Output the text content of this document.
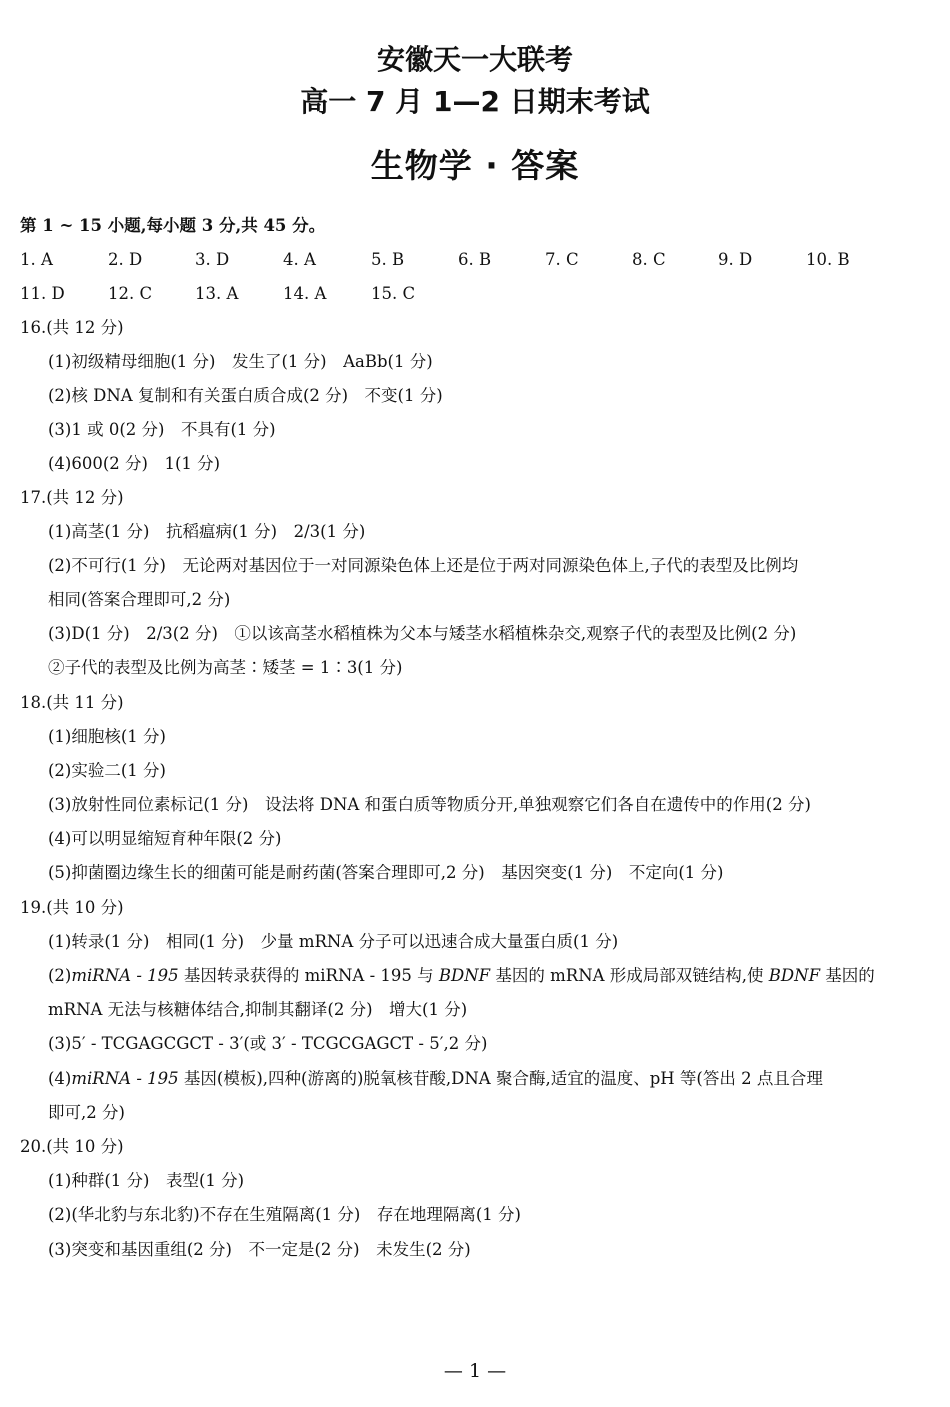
安徽天一大联考
高一 7 月 1—2 日期末考试
生物学 · 答案
第 1 ~ 15 小题,每小题 3 分,共 45 分。
1. A	2. D	3. D	4. A	5. B	6. B	7. C	8. C	9. D	10. B
11. D	12. C	13. A	14. A	15. C
16.(共 12 分)
(1)初级精母细胞(1 分)　发生了(1 分)　AaBb(1 分)
(2)核 DNA 复制和有关蛋白质合成(2 分)　不变(1 分)
(3)1 或 0(2 分)　不具有(1 分)
(4)600(2 分)　1(1 分)
17.(共 12 分)
(1)高茎(1 分)　抗稻瘟病(1 分)　2/3(1 分)
(2)不可行(1 分)　无论两对基因位于一对同源染色体上还是位于两对同源染色体上,子代的表型及比例均
相同(答案合理即可,2 分)
(3)D(1 分)　2/3(2 分)　①以该高茎水稻植株为父本与矮茎水稻植株杂交,观察子代的表型及比例(2 分)
②子代的表型及比例为高茎∶矮茎 = 1∶3(1 分)
18.(共 11 分)
(1)细胞核(1 分)
(2)实验二(1 分)
(3)放射性同位素标记(1 分)　设法将 DNA 和蛋白质等物质分开,单独观察它们各自在遗传中的作用(2 分)
(4)可以明显缩短育种年限(2 分)
(5)抑菌圈边缘生长的细菌可能是耐药菌(答案合理即可,2 分)　基因突变(1 分)　不定向(1 分)
19.(共 10 分)
(1)转录(1 分)　相同(1 分)　少量 mRNA 分子可以迅速合成大量蛋白质(1 分)
(2)miRNA - 195 基因转录获得的 miRNA - 195 与 BDNF 基因的 mRNA 形成局部双链结构,使 BDNF 基因的
mRNA 无法与核糖体结合,抑制其翻译(2 分)　增大(1 分)
(3)5′ - TCGAGCGCT - 3′(或 3′ - TCGCGAGCT - 5′,2 分)
(4)miRNA - 195 基因(模板),四种(游离的)脱氧核苷酸,DNA 聚合酶,适宜的温度、pH 等(答出 2 点且合理
即可,2 分)
20.(共 10 分)
(1)种群(1 分)　表型(1 分)
(2)(华北豹与东北豹)不存在生殖隔离(1 分)　存在地理隔离(1 分)
(3)突变和基因重组(2 分)　不一定是(2 分)　未发生(2 分)
— 1 —
